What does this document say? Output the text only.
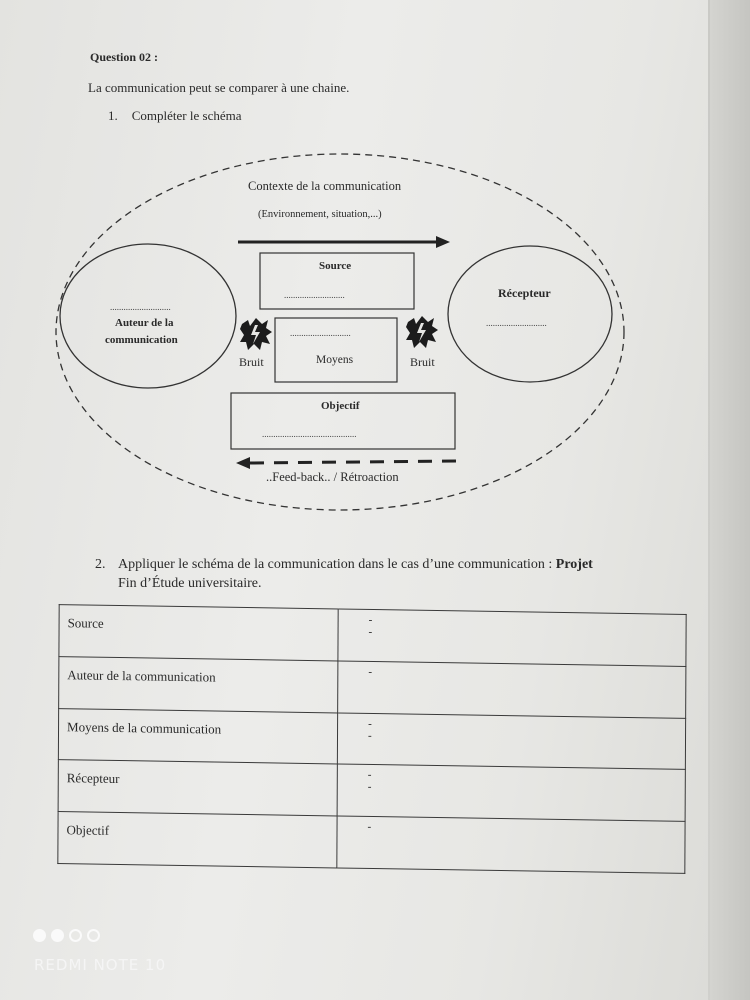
Question 02 :
La communication peut se comparer à une chaine.
1. Compléter le schéma
Contexte de la communication
(Environnement, situation,...)
Source
...........................
...........................
Auteur de la
communication
Récepteur
...........................
...........................
Moyens
Bruit	Bruit
Objectif
..........................................
..Feed-back.. / Rétroaction
2. Appliquer le schéma de la communication dans le cas d’une communication : Projet
Fin d’Étude universitaire.
Source	-
-
Auteur de la communication	-
Moyens de la communication	-
-
Récepteur	-
-
Objectif	-
REDMI NOTE 10
